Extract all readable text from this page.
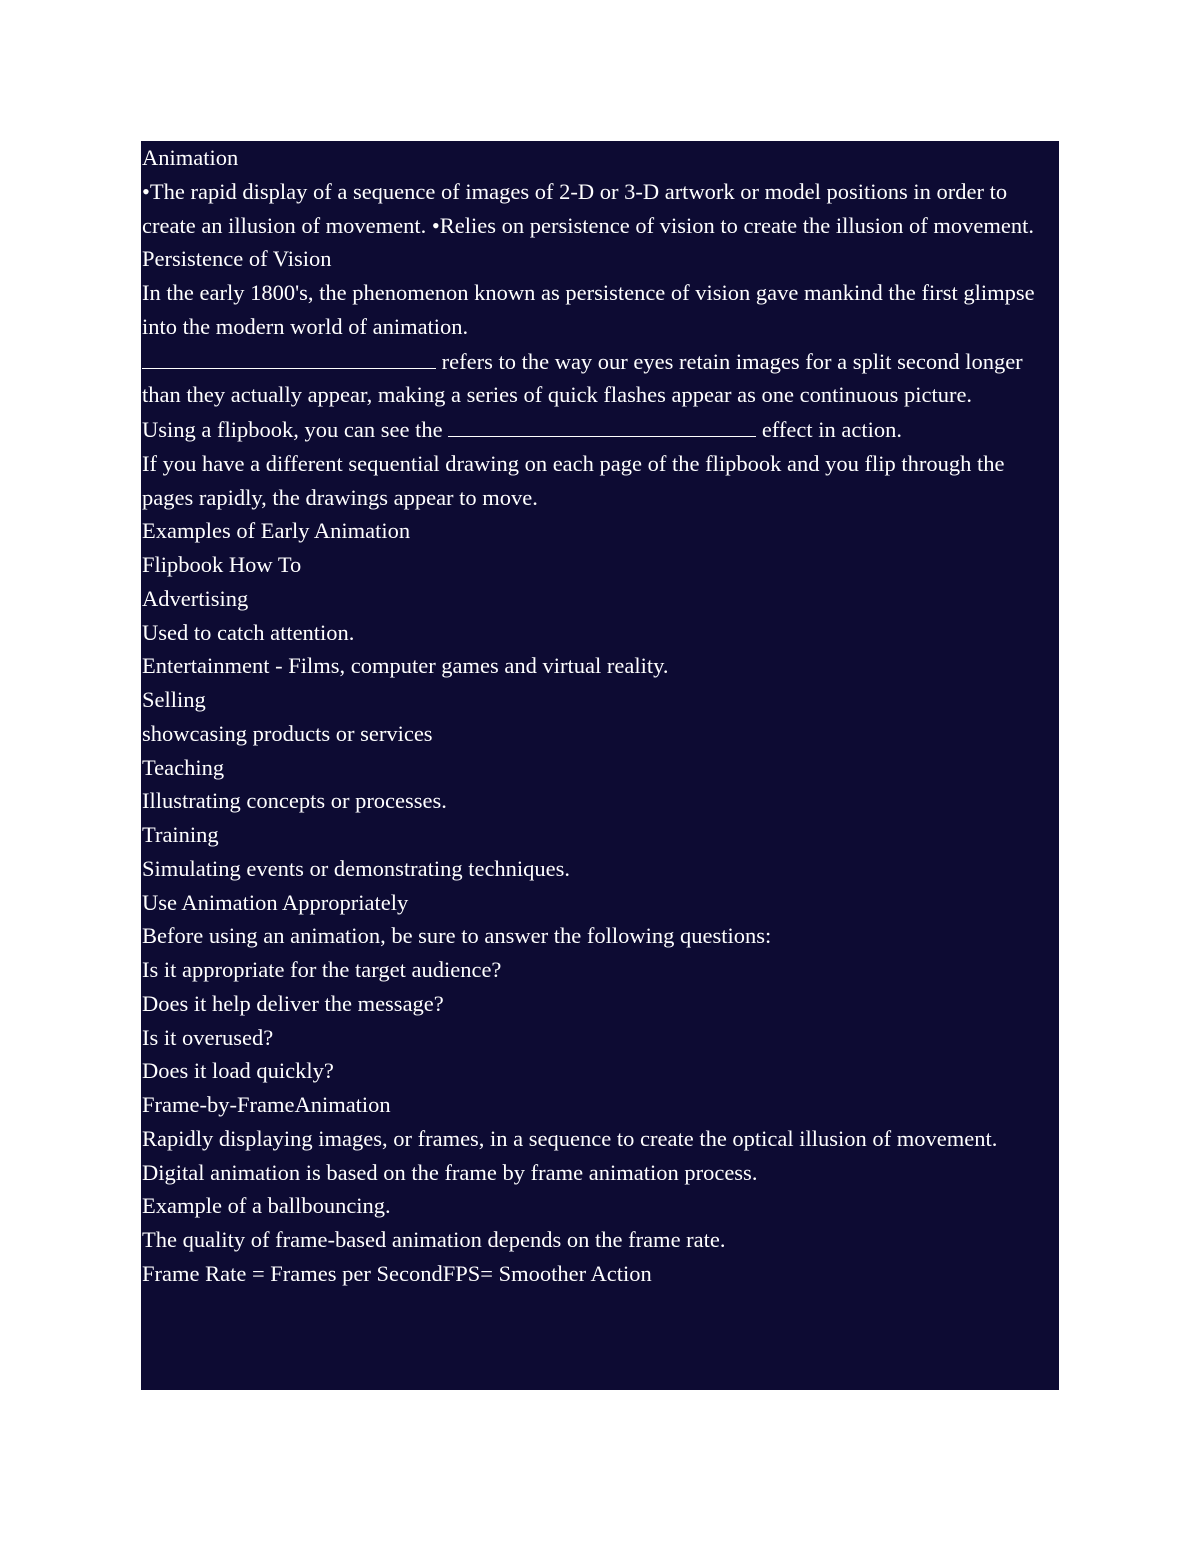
Animation

•The rapid display of a sequence of images of 2-D or 3-D artwork or model positions in order to create an illusion of movement. •Relies on persistence of vision to create the illusion of movement.

Persistence of Vision

In the early 1800's, the phenomenon known as persistence of vision gave mankind the first glimpse into the modern world of animation.

refers to the way our eyes retain images for a split second longer than they actually appear, making a series of quick flashes appear as one continuous picture.

Using a flipbook, you can see the	effect in action.

If you have a different sequential drawing on each page of the flipbook and you flip through the pages rapidly, the drawings appear to move.

Examples of Early Animation

Flipbook How To

Advertising

Used to catch attention.

Entertainment - Films, computer games and virtual reality.

Selling

showcasing products or services

Teaching

Illustrating concepts or processes.

Training

Simulating events or demonstrating techniques.

Use Animation Appropriately

Before using an animation, be sure to answer the following questions:

Is it appropriate for the target audience?

Does it help deliver the message?

Is it overused?

Does it load quickly?

Frame-by-FrameAnimation

Rapidly displaying images, or frames, in a sequence to create the optical illusion of movement.

Digital animation is based on the frame by frame animation process.

Example of a ballbouncing.

The quality of frame-based animation depends on the frame rate.

Frame Rate = Frames per SecondFPS= Smoother Action
